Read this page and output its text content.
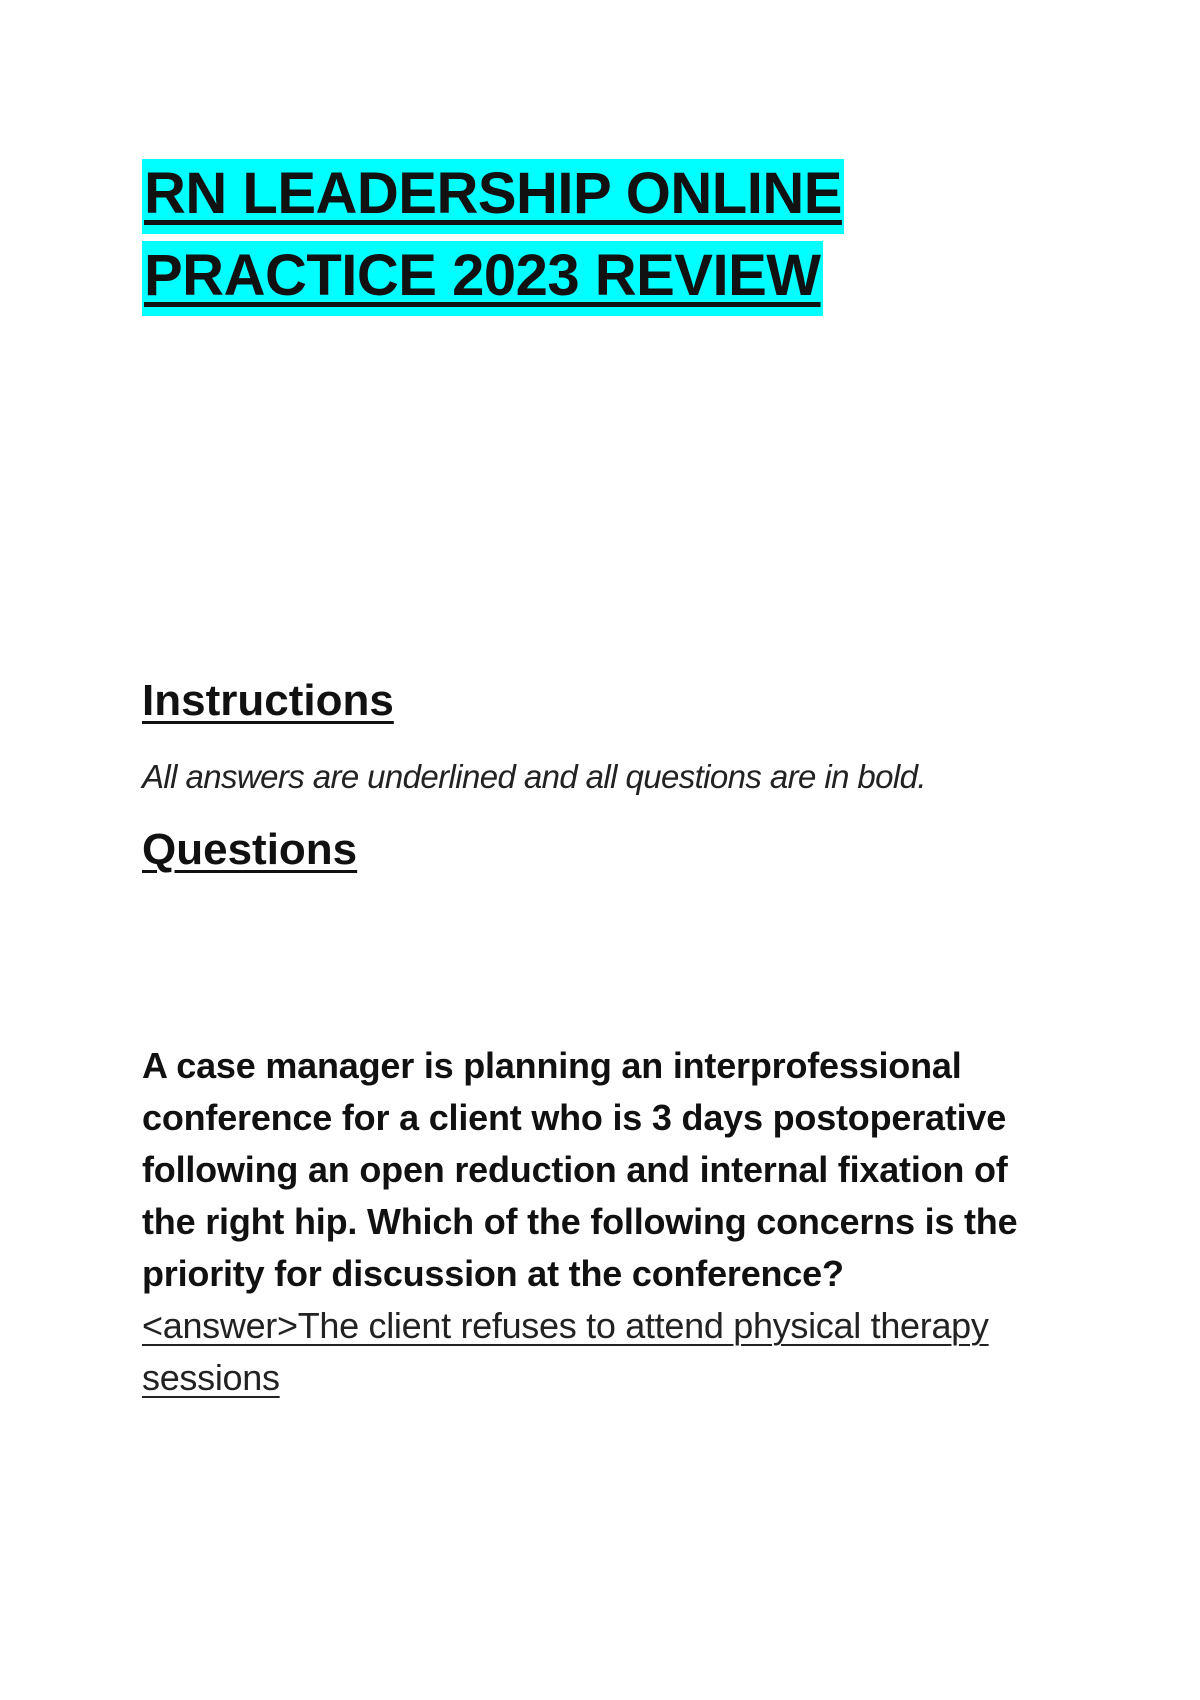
RN LEADERSHIP ONLINE
PRACTICE 2023 REVIEW
Instructions

All answers are underlined and all questions are in bold.

Questions

A case manager is planning an interprofessional conference for a client who is 3 days postoperative following an open reduction and internal fixation of the right hip. Which of the following concerns is the priority for discussion at the conference?

<answer>The client refuses to attend physical therapy sessions
